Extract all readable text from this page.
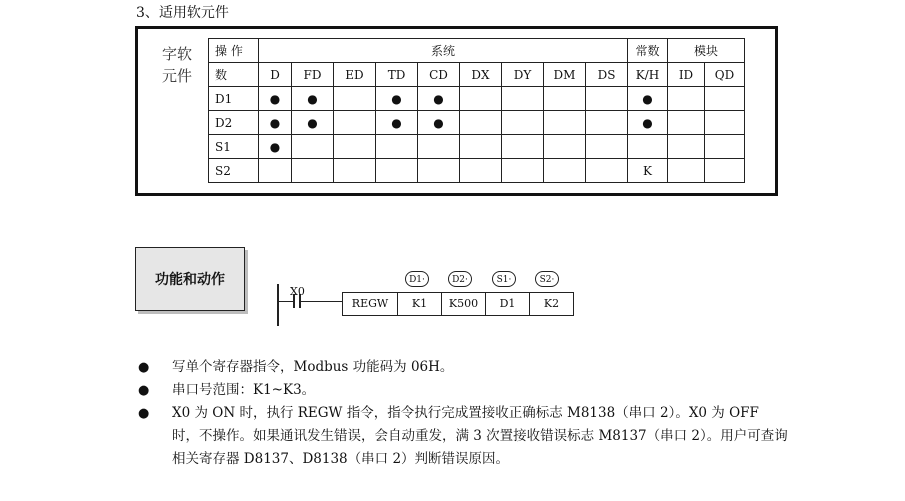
3、适用软元件
字软
元件
操 作	系统									常数	模块	
数	D	FD	ED	TD	CD	DX	DY	DM	DS	K/H	ID	QD
D1	●	●		●	●					●		
D2	●	●		●	●					●		
S1	●											
S2										K		
功能和动作
X0
D1·	D2·	S1·	S2·
REGW	K1	K500	D1	K2
● 写单个寄存器指令，Modbus 功能码为 06H。
● 串口号范围：K1~K3。
● X0 为 ON 时，执行 REGW 指令，指令执行完成置接收正确标志 M8138（串口 2）。X0 为 OFF 时，不操作。如果通讯发生错误，会自动重发，满 3 次置接收错误标志 M8137（串口 2）。用户可查询相关寄存器 D8137、D8138（串口 2）判断错误原因。
